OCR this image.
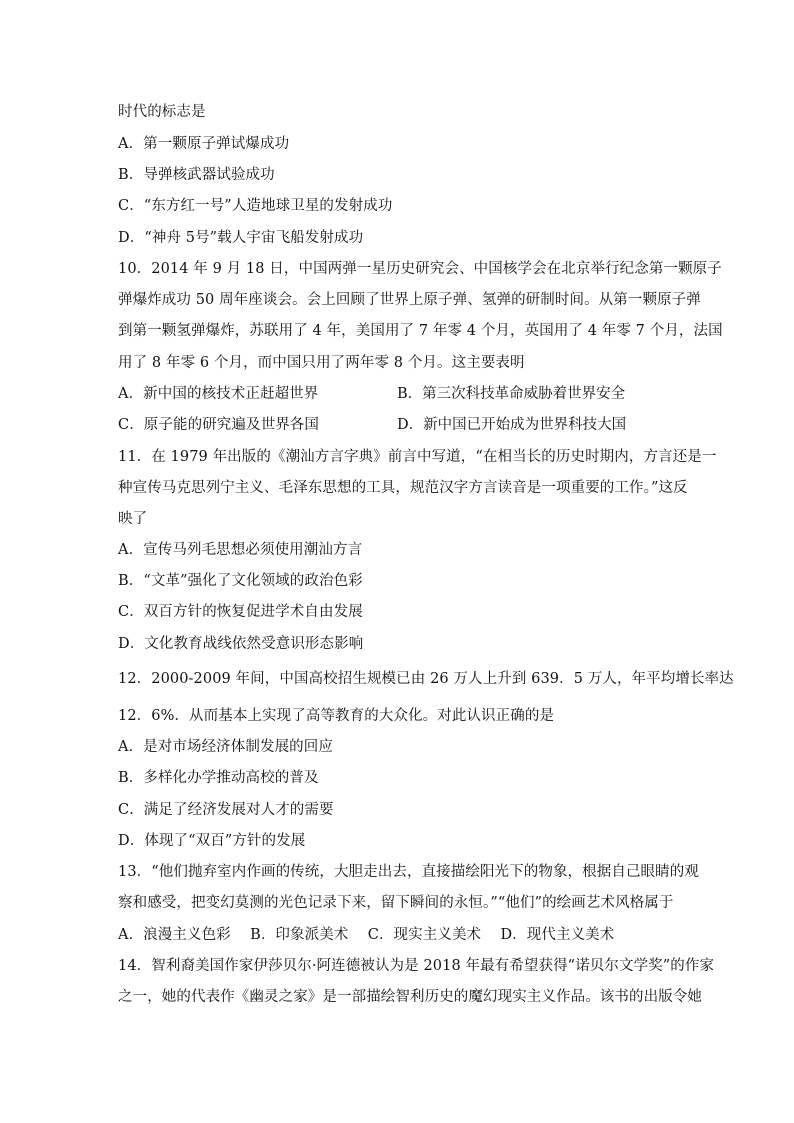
时代的标志是
A．第一颗原子弹试爆成功
B．导弹核武器试验成功
C．“东方红一号”人造地球卫星的发射成功
D．“神舟 5号”载人宇宙飞船发射成功
10．2014 年 9 月 18 日，中国两弹一星历史研究会、中国核学会在北京举行纪念第一颗原子
弹爆炸成功 50 周年座谈会。会上回顾了世界上原子弹、氢弹的研制时间。从第一颗原子弹
到第一颗氢弹爆炸，苏联用了 4 年，美国用了 7 年零 4 个月，英国用了 4 年零 7 个月，法国
用了 8 年零 6 个月，而中国只用了两年零 8 个月。这主要表明
A．新中国的核技术正赶超世界	B．第三次科技革命威胁着世界安全
C．原子能的研究遍及世界各国	D．新中国已开始成为世界科技大国
11．在 1979 年出版的《潮汕方言字典》前言中写道，“在相当长的历史时期内，方言还是一
种宣传马克思列宁主义、毛泽东思想的工具，规范汉字方言读音是一项重要的工作。”这反
映了
A．宣传马列毛思想必须使用潮汕方言
B．“文革”强化了文化领域的政治色彩
C．双百方针的恢复促进学术自由发展
D．文化教育战线依然受意识形态影响
12．2000-2009 年间，中国高校招生规模已由 26 万人上升到 639．5 万人，年平均增长率达
12．6%．从而基本上实现了高等教育的大众化。对此认识正确的是
A．是对市场经济体制发展的回应
B．多样化办学推动高校的普及
C．满足了经济发展对人才的需要
D．体现了“双百”方针的发展
13．“他们抛弃室内作画的传统，大胆走出去，直接描绘阳光下的物象，根据自己眼睛的观
察和感受，把变幻莫测的光色记录下来，留下瞬间的永恒。”“他们”的绘画艺术风格属于
A．浪漫主义色彩　 B．印象派美术　 C．现实主义美术　 D．现代主义美术
14．智利裔美国作家伊莎贝尔·阿连德被认为是 2018 年最有希望获得“诺贝尔文学奖”的作家
之一，她的代表作《幽灵之家》是一部描绘智利历史的魔幻现实主义作品。该书的出版令她
